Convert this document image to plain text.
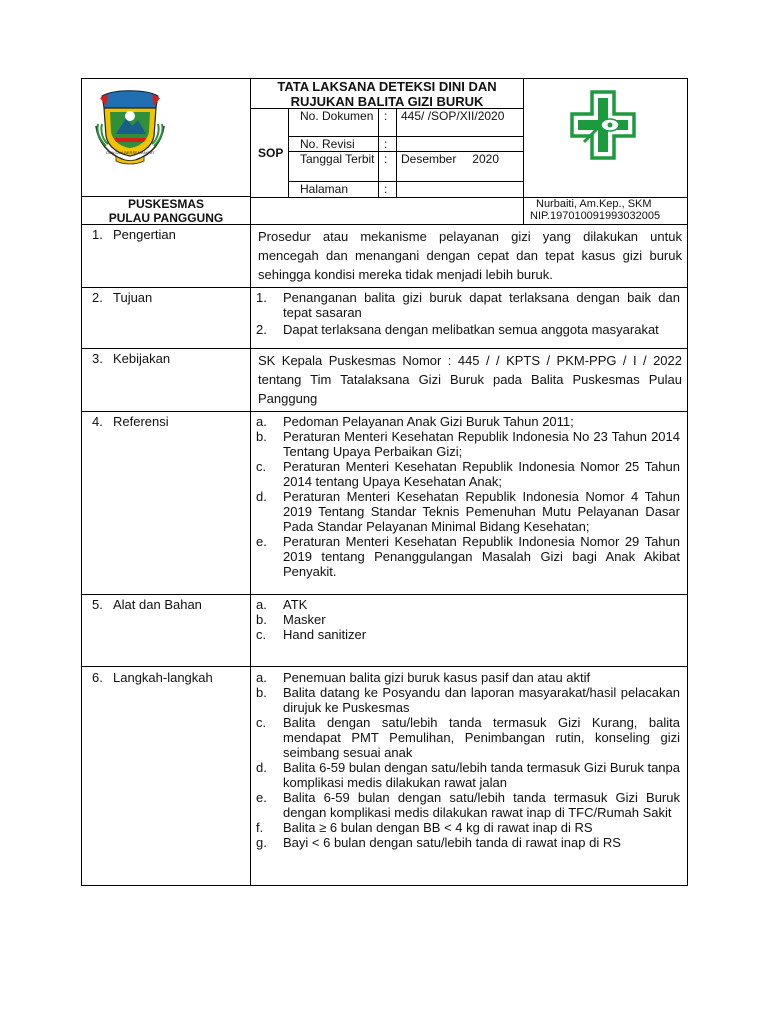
DENGAN BERSEMANGAT
TATA LAKSANA DETEKSI DINI DAN
RUJUKAN BALITA GIZI BURUK
SOP
No. Dokumen : 445/ /SOP/XII/2020
No. Revisi :
Tanggal Terbit : Desember 2020
Halaman	:
PUSKESMAS
PULAU PANGGUNG
Nurbaiti, Am.Kep., SKM
NIP.197010091993032005
1. Pengertian	Prosedur atau mekanisme pelayanan gizi yang dilakukan untuk mencegah dan menangani dengan cepat dan tepat kasus gizi buruk sehingga kondisi mereka tidak menjadi lebih buruk.
2. Tujuan	1.	Penanganan balita gizi buruk dapat terlaksana dengan baik dan tepat sasaran
2.	Dapat terlaksana dengan melibatkan semua anggota masyarakat
3. Kebijakan	SK Kepala Puskesmas Nomor : 445 / / KPTS / PKM-PPG / I / 2022 tentang Tim Tatalaksana Gizi Buruk pada Balita Puskesmas Pulau Panggung
4. Referensi	a.	Pedoman Pelayanan Anak Gizi Buruk Tahun 2011;
b.	Peraturan Menteri Kesehatan Republik Indonesia No 23 Tahun 2014 Tentang Upaya Perbaikan Gizi;
c.	Peraturan Menteri Kesehatan Republik Indonesia Nomor 25 Tahun 2014 tentang Upaya Kesehatan Anak;
d.	Peraturan Menteri Kesehatan Republik Indonesia Nomor 4 Tahun 2019 Tentang Standar Teknis Pemenuhan Mutu Pelayanan Dasar Pada Standar Pelayanan Minimal Bidang Kesehatan;
e.	Peraturan Menteri Kesehatan Republik Indonesia Nomor 29 Tahun 2019 tentang Penanggulangan Masalah Gizi bagi Anak Akibat Penyakit.
5. Alat dan Bahan	a.	ATK
b.	Masker
c.	Hand sanitizer
6. Langkah-langkah	a.	Penemuan balita gizi buruk kasus pasif dan atau aktif
b.	Balita datang ke Posyandu dan laporan masyarakat/hasil pelacakan dirujuk ke Puskesmas
c.	Balita dengan satu/lebih tanda termasuk Gizi Kurang, balita mendapat PMT Pemulihan, Penimbangan rutin, konseling gizi seimbang sesuai anak
d.	Balita 6-59 bulan dengan satu/lebih tanda termasuk Gizi Buruk tanpa komplikasi medis dilakukan rawat jalan
e.	Balita 6-59 bulan dengan satu/lebih tanda termasuk Gizi Buruk dengan komplikasi medis dilakukan rawat inap di TFC/Rumah Sakit
f.	Balita ≥ 6 bulan dengan BB < 4 kg di rawat inap di RS
g.	Bayi < 6 bulan dengan satu/lebih tanda di rawat inap di RS
